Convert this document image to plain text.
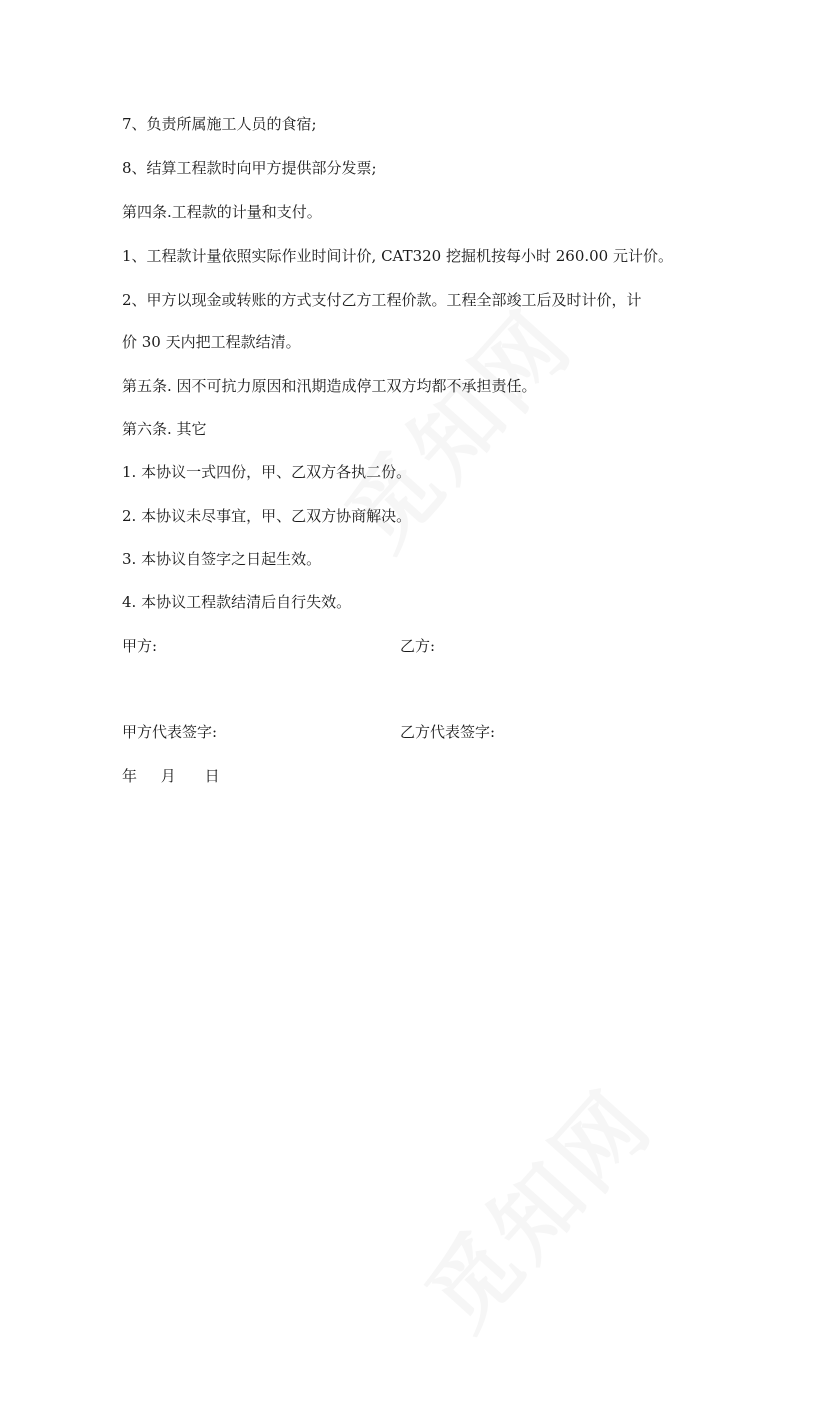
7、负责所属施工人员的食宿;
8、结算工程款时向甲方提供部分发票;
第四条.工程款的计量和支付。
1、工程款计量依照实际作业时间计价, CAT320 挖掘机按每小时 260.00 元计价。
2、甲方以现金或转账的方式支付乙方工程价款。工程全部竣工后及时计价，计
价 30 天内把工程款结清。
第五条. 因不可抗力原因和汛期造成停工双方均都不承担责任。
第六条. 其它
1. 本协议一式四份，甲、乙双方各执二份。
2. 本协议未尽事宜，甲、乙双方协商解决。
3. 本协议自签字之日起生效。
4. 本协议工程款结清后自行失效。
甲方:	乙方:
甲方代表签字:	乙方代表签字:
年 月 日
